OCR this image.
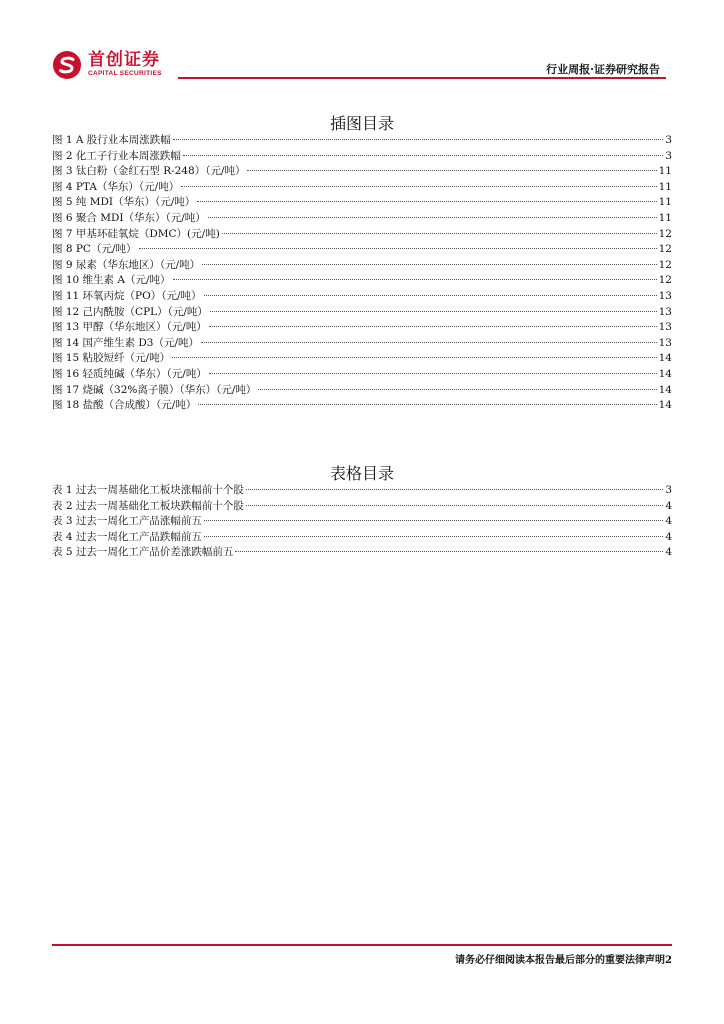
首创证券
CAPITAL SECURITIES	行业周报·证券研究报告
插图目录
图 1 A 股行业本周涨跌幅	3
图 2 化工子行业本周涨跌幅	3
图 3 钛白粉（金红石型 R-248）（元/吨）	11
图 4 PTA（华东）（元/吨）	11
图 5 纯 MDI（华东）（元/吨）	11
图 6 聚合 MDI（华东）（元/吨）	11
图 7 甲基环硅氧烷（DMC）(元/吨)	12
图 8 PC（元/吨）	12
图 9 尿素（华东地区）（元/吨）	12
图 10 维生素 A（元/吨）	12
图 11 环氧丙烷（PO）（元/吨）	13
图 12 己内酰胺（CPL）（元/吨）	13
图 13 甲醇（华东地区）（元/吨）	13
图 14 国产维生素 D3（元/吨）	13
图 15 粘胶短纤（元/吨）	14
图 16 轻质纯碱（华东）（元/吨）	14
图 17 烧碱（32%离子膜）（华东）（元/吨）	14
图 18 盐酸（合成酸）（元/吨）	14
表格目录
表 1 过去一周基础化工板块涨幅前十个股	3
表 2 过去一周基础化工板块跌幅前十个股	4
表 3 过去一周化工产品涨幅前五	4
表 4 过去一周化工产品跌幅前五	4
表 5 过去一周化工产品价差涨跌幅前五	4
请务必仔细阅读本报告最后部分的重要法律声明2
